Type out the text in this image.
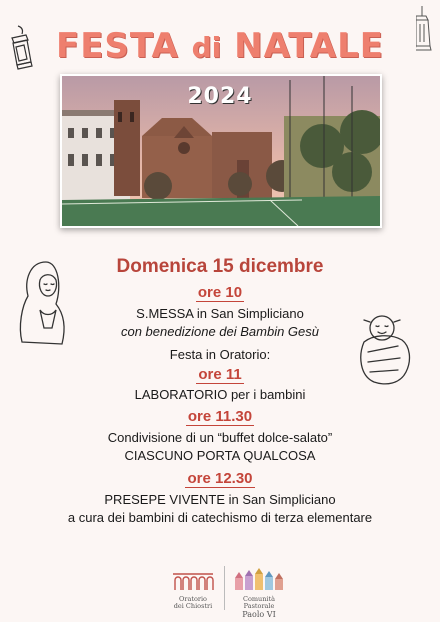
FESTA di NATALE
2024
Domenica 15 dicembre
ore 10
S.MESSA in San Simpliciano
con benedizione dei Bambin Gesù
Festa in Oratorio:
ore 11
LABORATORIO per i bambini
ore 11.30
Condivisione di un “buffet dolce-salato”
CIASCUNO PORTA QUALCOSA
ore 12.30
PRESEPE VIVENTE in San Simpliciano
a cura dei bambini di catechismo di terza elementare
Oratorio
dei Chiostri
Comunità Pastorale
Paolo VI
